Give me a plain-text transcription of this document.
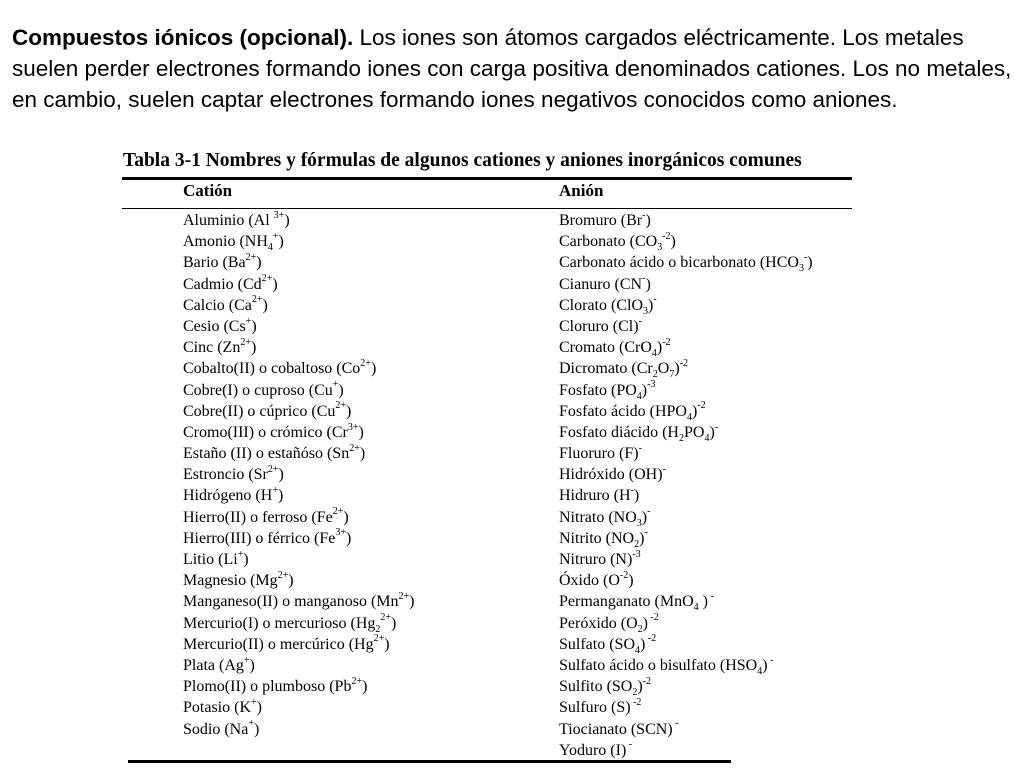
Compuestos iónicos (opcional). Los iones son átomos cargados eléctricamente. Los metales suelen perder electrones formando iones con carga positiva denominados cationes. Los no metales, en cambio, suelen captar electrones formando iones negativos conocidos como aniones.
Tabla 3-1 Nombres y fórmulas de algunos cationes y aniones inorgánicos comunes
Catión	Anión
Aluminio (Al $^{3+}$)
Amonio $(NH_4^+)$
Bario $(Ba^{2+})$
Cadmio $(Cd^{2+})$
Calcio $(Ca^{2+})$
Cesio (Cs+)
Cinc $(Zn^{2+})$
Cobalto(II) o cobaltoso $(Co^{2+})$
Cobre(I) o cuproso (Cu+)
Cobre(II) o cúprico $(Cu^{2+})$
Cromo(III) o crómico $(Cr^{3+})$
Estaño (II) o estañóso $(Sn^{2+})$
Estroncio $(Sr^{2+})$
Hidrógeno (H+)
Hierro(II) o ferroso $(Fe^{2+})$
Hierro(III) o férrico $(Fe^{3+})$
Litio (Li+)
Magnesio $(Mg^{2+})$
Manganeso(II) o manganoso $(Mn^{2+})$
Mercurio(I) o mercurioso $(Hg_2^{2+})$
Mercurio(II) o mercúrico $(Hg^{2+})$
Plata (Ag+)
Plomo(II) o plumboso $(Pb^{2+})$
Potasio (K+)
Sodio (Na+)
Bromuro (Br-)
Carbonato $(CO_3^{-2})$
Carbonato ácido o bicarbonato $(HCO_3^-)$
Cianuro (CN-)
Clorato (ClO$_3$)-
Cloruro (Cl)-
Cromato $(CrO_4)^{-2}$
Dicromato $(Cr_2O_7)^{-2}$
Fosfato $(PO_4)^{-3}$
Fosfato ácido $(HPO_4)^{-2}$
Fosfato diácido $(H_2PO_4)^-$
Fluoruro (F)-
Hidróxido (OH)-
Hidruro (H-)
Nitrato $(NO_3)^-$
Nitrito $(NO_2)^-$
Nitruro $(N)^{-3}$
Óxido $(O^{-2})$
Permanganato (MnO$_4$ ) -
Peróxido $(O_2)$ $^{-2}$
Sulfato $(SO_4)$ $^{-2}$
Sulfato ácido o bisulfato $(HSO_4)$ -
Sulfito $(SO_2)^{-2}$
Sulfuro (S) $^{-2}$
Tiocianato (SCN) -
Yoduro (I) -
